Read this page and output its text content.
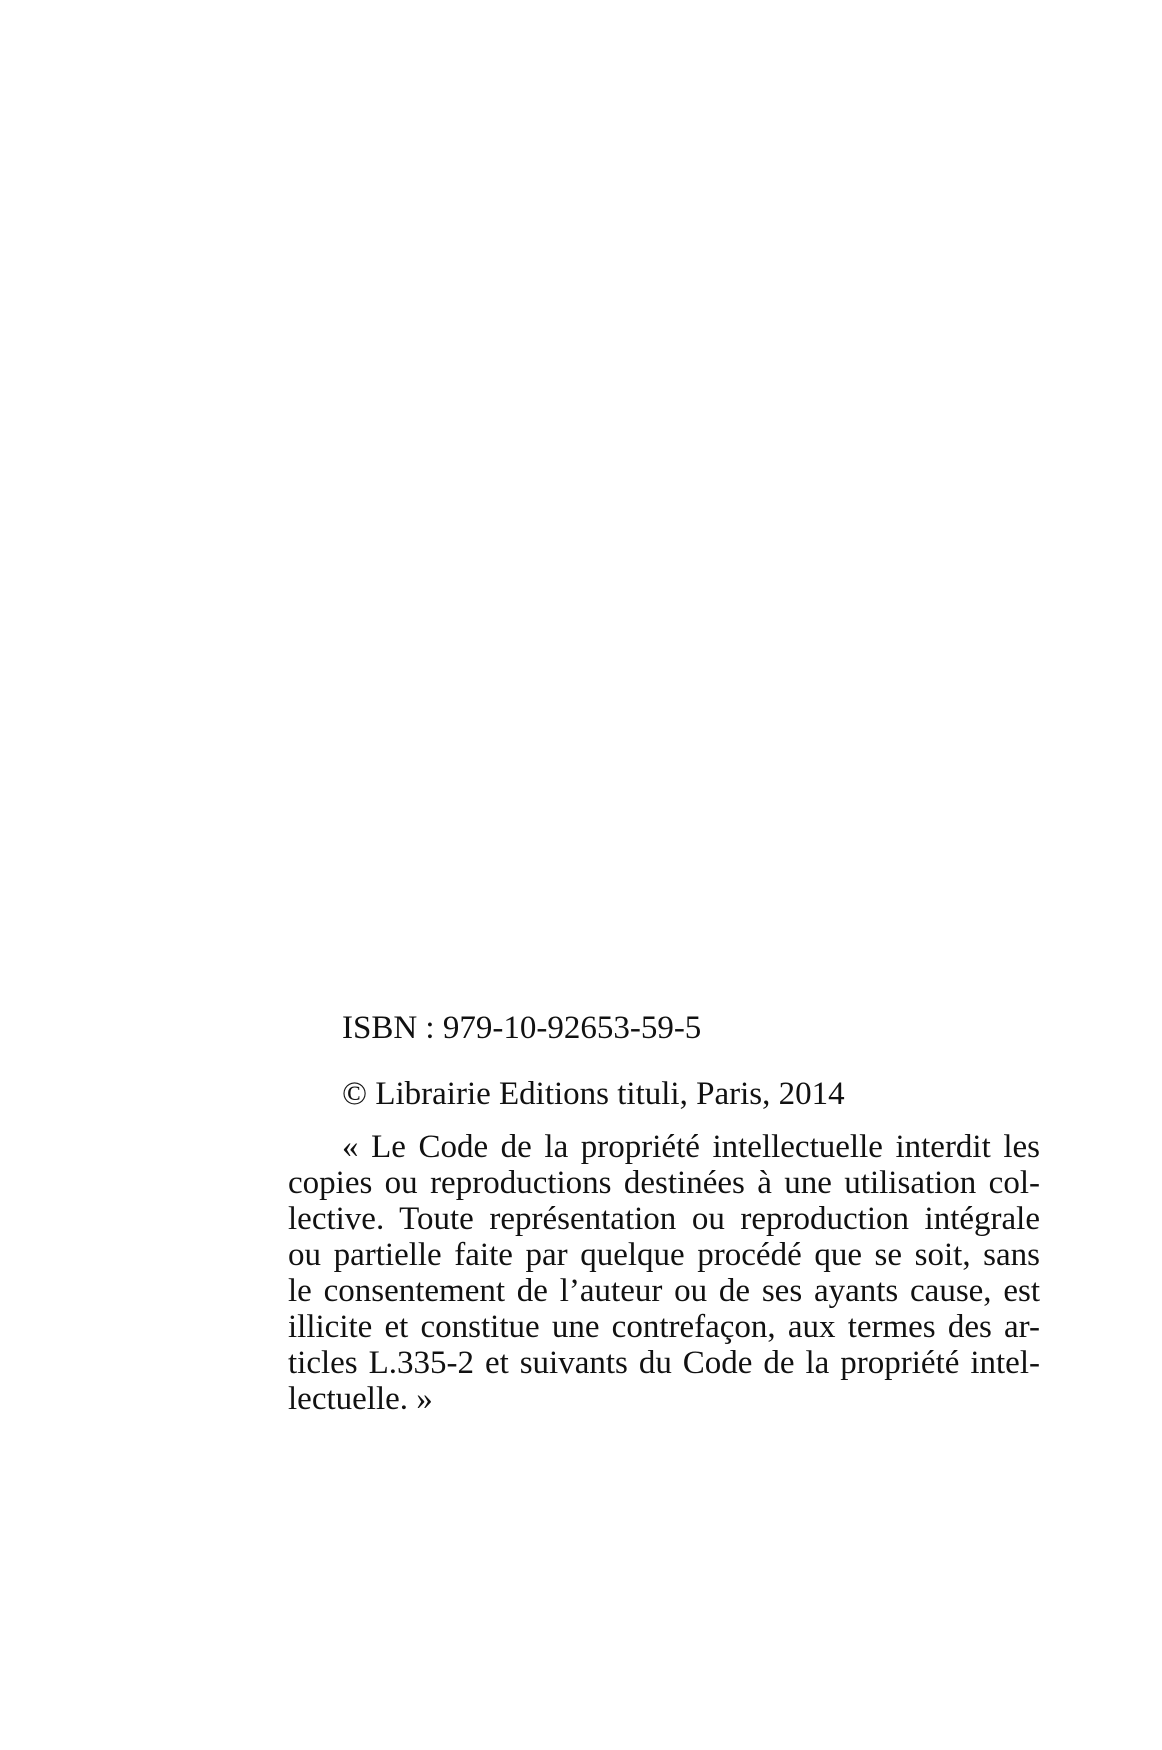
ISBN : 979-10-92653-59-5

© Librairie Editions tituli, Paris, 2014

« Le Code de la propriété intellectuelle interdit les
copies ou reproductions destinées à une utilisation col-
lective. Toute représentation ou reproduction intégrale
ou partielle faite par quelque procédé que se soit, sans
le consentement de l’auteur ou de ses ayants cause, est
illicite et constitue une contrefaçon, aux termes des ar-
ticles L.335-2 et suivants du Code de la propriété intel-
lectuelle. »
